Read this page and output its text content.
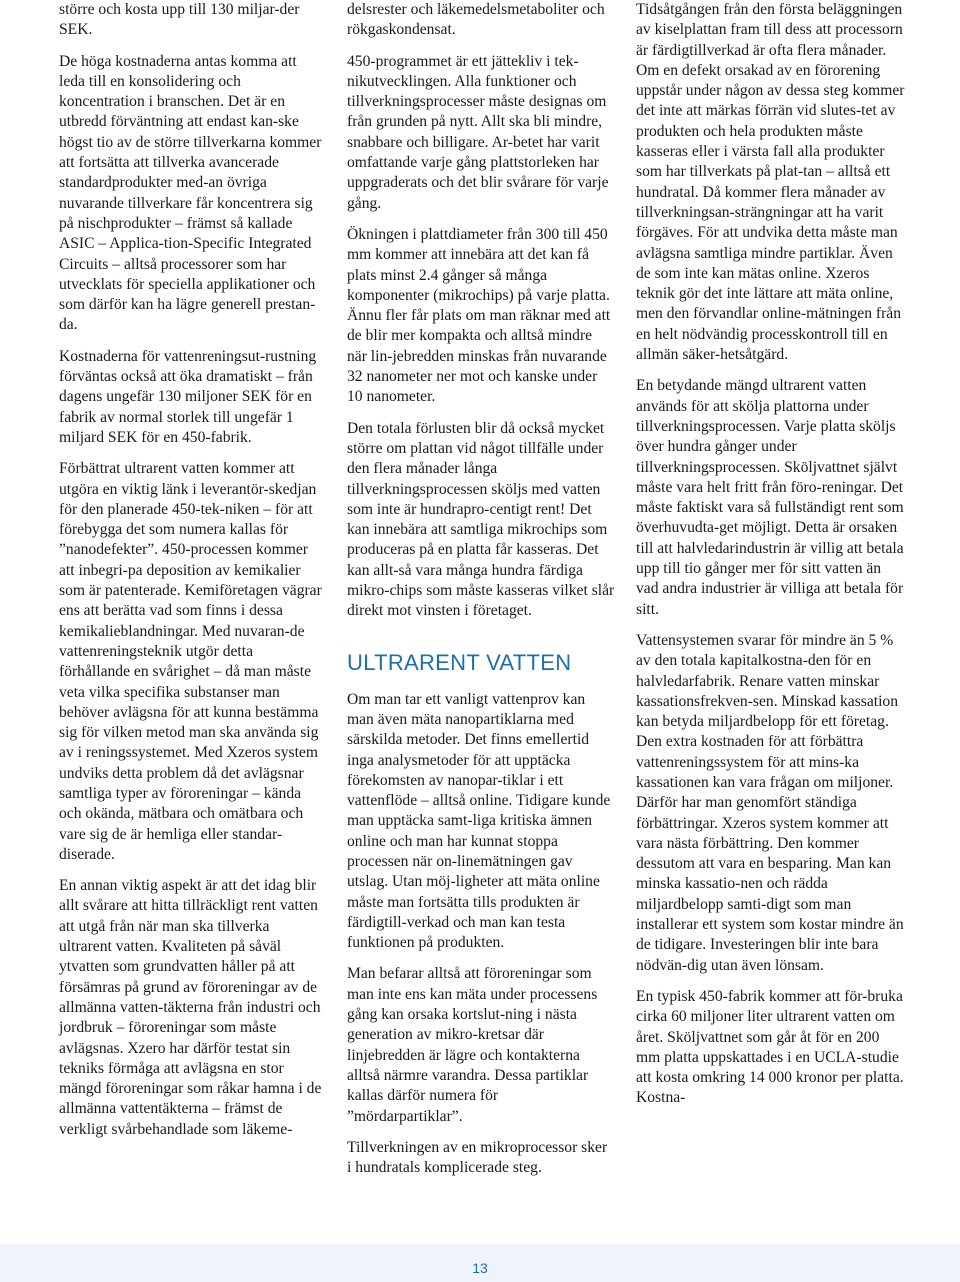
större och kosta upp till 130 miljar-der SEK.

De höga kostnaderna antas komma att leda till en konsolidering och koncentration i branschen. Det är en utbredd förväntning att endast kan-ske högst tio av de större tillverkarna kommer att fortsätta att tillverka avancerade standardprodukter med-an övriga nuvarande tillverkare får koncentrera sig på nischprodukter – främst så kallade ASIC – Applica-tion-Specific Integrated Circuits – alltså processorer som har utvecklats för speciella applikationer och som därför kan ha lägre generell prestan-da.

Kostnaderna för vattenreningsut-rustning förväntas också att öka dramatiskt – från dagens ungefär 130 miljoner SEK för en fabrik av normal storlek till ungefär 1 miljard SEK för en 450-fabrik.

Förbättrat ultrarent vatten kommer att utgöra en viktig länk i leverantör-skedjan för den planerade 450-tek-niken – för att förebygga det som numera kallas för ”nanodefekter”. 450-processen kommer att inbegri-pa deposition av kemikalier som är patenterade. Kemiföretagen vägrar ens att berätta vad som finns i dessa kemikalieblandningar. Med nuvaran-de vattenreningsteknik utgör detta förhållande en svårighet – då man måste veta vilka specifika substanser man behöver avlägsna för att kunna bestämma sig för vilken metod man ska använda sig av i reningssystemet. Med Xzeros system undviks detta problem då det avlägsnar samtliga typer av föroreningar – kända och okända, mätbara och omätbara och vare sig de är hemliga eller standar-diserade.

En annan viktig aspekt är att det idag blir allt svårare att hitta tillräckligt rent vatten att utgå från när man ska tillverka ultrarent vatten. Kvaliteten på såväl ytvatten som grundvatten håller på att försämras på grund av föroreningar av de allmänna vatten-täkterna från industri och jordbruk – föroreningar som måste avlägsnas. Xzero har därför testat sin tekniks förmåga att avlägsna en stor mängd föroreningar som råkar hamna i de allmänna vattentäkterna – främst de verkligt svårbehandlade som läkeme-

delsrester och läkemedelsmetaboliter och rökgaskondensat.

450-programmet är ett jättekliv i tek-nikutvecklingen. Alla funktioner och tillverkningsprocesser måste designas om från grunden på nytt. Allt ska bli mindre, snabbare och billigare. Ar-betet har varit omfattande varje gång plattstorleken har uppgraderats och det blir svårare för varje gång.

Ökningen i plattdiameter från 300 till 450 mm kommer att innebära att det kan få plats minst 2.4 gånger så många komponenter (mikrochips) på varje platta. Ännu fler får plats om man räknar med att de blir mer kompakta och alltså mindre när lin-jebredden minskas från nuvarande 32 nanometer ner mot och kanske under 10 nanometer.

Den totala förlusten blir då också mycket större om plattan vid något tillfälle under den flera månader långa tillverkningsprocessen sköljs med vatten som inte är hundrapro-centigt rent! Det kan innebära att samtliga mikrochips som produceras på en platta får kasseras. Det kan allt-så vara många hundra färdiga mikro-chips som måste kasseras vilket slår direkt mot vinsten i företaget.

ULTRARENT VATTEN

Om man tar ett vanligt vattenprov kan man även mäta nanopartiklarna med särskilda metoder. Det finns emellertid inga analysmetoder för att upptäcka förekomsten av nanopar-tiklar i ett vattenflöde – alltså online. Tidigare kunde man upptäcka samt-liga kritiska ämnen online och man har kunnat stoppa processen när on-linemätningen gav utslag. Utan möj-ligheter att mäta online måste man fortsätta tills produkten är färdigtill-verkad och man kan testa funktionen på produkten.

Man befarar alltså att föroreningar som man inte ens kan mäta under processens gång kan orsaka kortslut-ning i nästa generation av mikro-kretsar där linjebredden är lägre och kontakterna alltså närmre varandra. Dessa partiklar kallas därför numera för ”mördarpartiklar”.

Tillverkningen av en mikroprocessor sker i hundratals komplicerade steg.

Tidsåtgången från den första beläggningen av kiselplattan fram till dess att processorn är färdigtillverkad är ofta flera månader. Om en defekt orsakad av en förorening uppstår under någon av dessa steg kommer det inte att märkas förrän vid slutes-tet av produkten och hela produkten måste kasseras eller i värsta fall alla produkter som har tillverkats på plat-tan – alltså ett hundratal. Då kommer flera månader av tillverkningsan-strängningar att ha varit förgäves. För att undvika detta måste man avlägsna samtliga mindre partiklar. Även de som inte kan mätas online. Xzeros teknik gör det inte lättare att mäta online, men den förvandlar online-mätningen från en helt nödvändig processkontroll till en allmän säker-hetsåtgärd.

En betydande mängd ultrarent vatten används för att skölja plattorna under tillverkningsprocessen. Varje platta sköljs över hundra gånger under tillverkningsprocessen. Sköljvattnet självt måste vara helt fritt från föro-reningar. Det måste faktiskt vara så fullständigt rent som överhuvudta-get möjligt. Detta är orsaken till att halvledarindustrin är villig att betala upp till tio gånger mer för sitt vatten än vad andra industrier är villiga att betala för sitt.

Vattensystemen svarar för mindre än 5 % av den totala kapitalkostna-den för en halvledarfabrik. Renare vatten minskar kassationsfrekven-sen. Minskad kassation kan betyda miljardbelopp för ett företag. Den extra kostnaden för att förbättra vattenreningssystem för att mins-ka kassationen kan vara frågan om miljoner. Därför har man genomfört ständiga förbättringar. Xzeros system kommer att vara nästa förbättring. Den kommer dessutom att vara en besparing. Man kan minska kassatio-nen och rädda miljardbelopp samti-digt som man installerar ett system som kostar mindre än de tidigare. Investeringen blir inte bara nödvän-dig utan även lönsam.

En typisk 450-fabrik kommer att för-bruka cirka 60 miljoner liter ultrarent vatten om året. Sköljvattnet som går åt för en 200 mm platta uppskattades i en UCLA-studie att kosta omkring 14 000 kronor per platta. Kostna-

13
